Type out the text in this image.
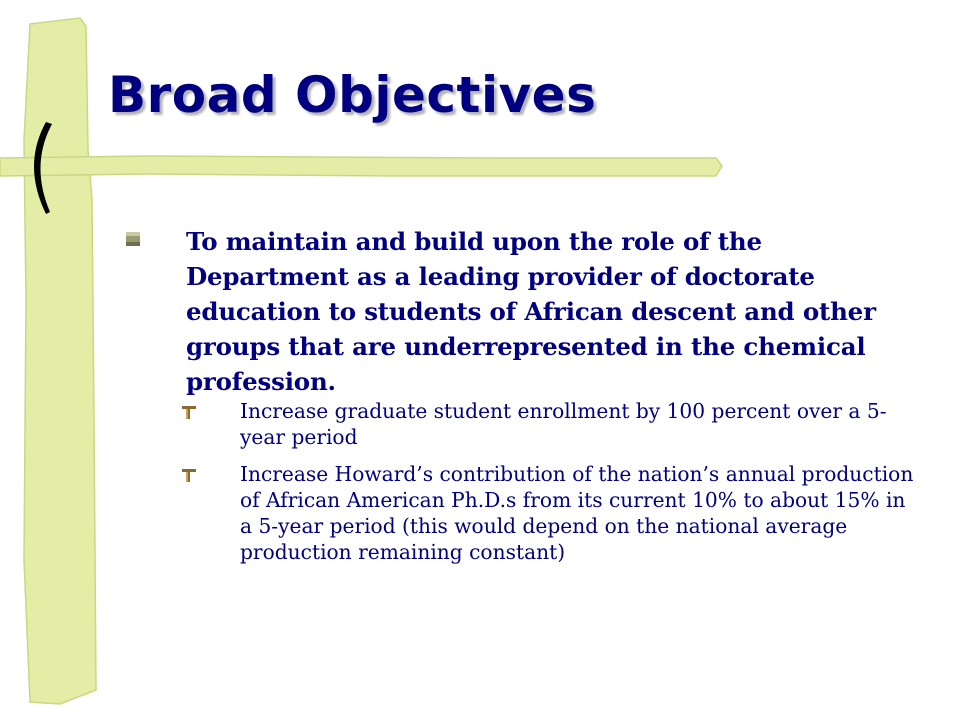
Broad Objectives
To maintain and build upon the role of the Department as a leading provider of doctorate education to students of African descent and other groups that are underrepresented in the chemical profession.
Increase graduate student enrollment by 100 percent over a 5-year period
Increase Howard’s contribution of the nation’s annual production of African American Ph.D.s from its current 10% to about 15% in a 5-year period (this would depend on the national average production remaining constant)
